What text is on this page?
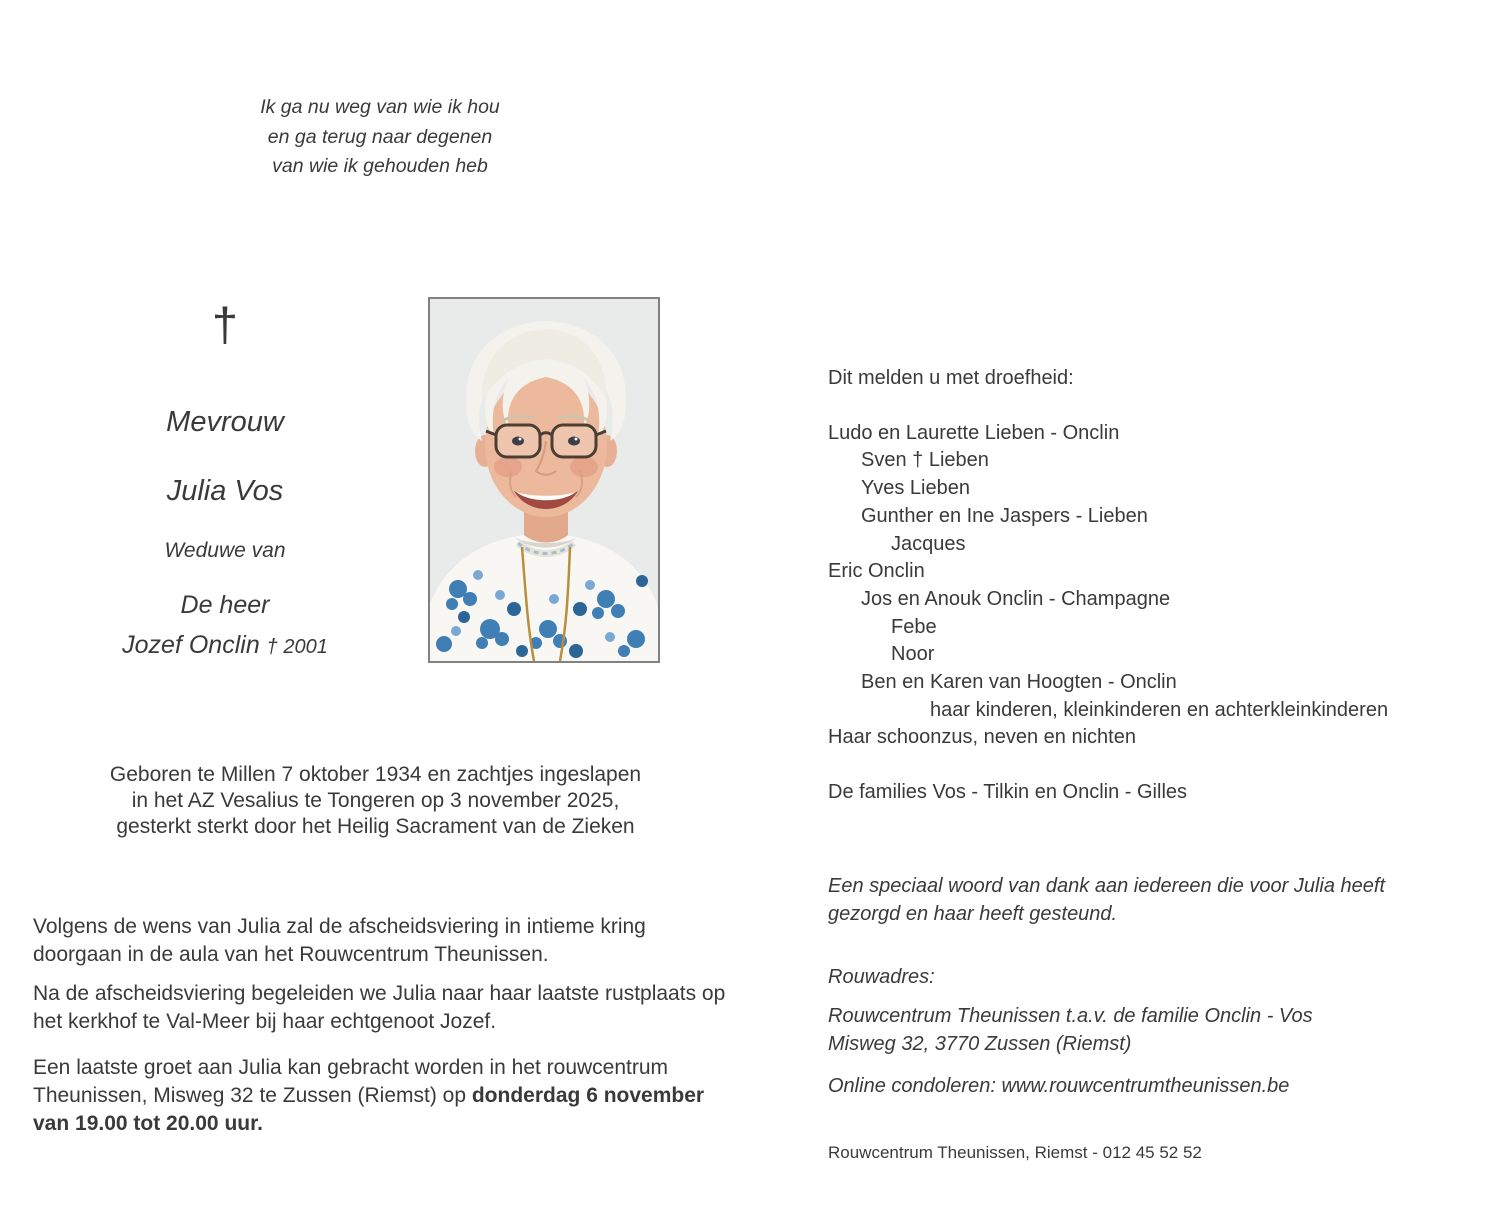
Ik ga nu weg van wie ik hou
en ga terug naar degenen
van wie ik gehouden heb
†
Mevrouw
Julia Vos
Weduwe van
De heer
Jozef Onclin † 2001
Geboren te Millen 7 oktober 1934 en zachtjes ingeslapen
in het AZ Vesalius te Tongeren op 3 november 2025,
gesterkt sterkt door het Heilig Sacrament van de Zieken

Volgens de wens van Julia zal de afscheidsviering in intieme kring doorgaan in de aula van het Rouwcentrum Theunissen.

Na de afscheidsviering begeleiden we Julia naar haar laatste rustplaats op het kerkhof te Val-Meer bij haar echtgenoot Jozef.

Een laatste groet aan Julia kan gebracht worden in het rouwcentrum Theunissen, Misweg 32 te Zussen (Riemst) op donderdag 6 november van 19.00 tot 20.00 uur.

Dit melden u met droefheid:
Ludo en Laurette Lieben - Onclin
Sven † Lieben
Yves Lieben
Gunther en Ine Jaspers - Lieben
Jacques
Eric Onclin
Jos en Anouk Onclin - Champagne
Febe
Noor
Ben en Karen van Hoogten - Onclin
haar kinderen, kleinkinderen en achterkleinkinderen
Haar schoonzus, neven en nichten
De families Vos - Tilkin en Onclin - Gilles
Een speciaal woord van dank aan iedereen die voor Julia heeft gezorgd en haar heeft gesteund.
Rouwadres:
Rouwcentrum Theunissen t.a.v. de familie Onclin - Vos
Misweg 32, 3770 Zussen (Riemst)
Online condoleren: www.rouwcentrumtheunissen.be
Rouwcentrum Theunissen, Riemst - 012 45 52 52
